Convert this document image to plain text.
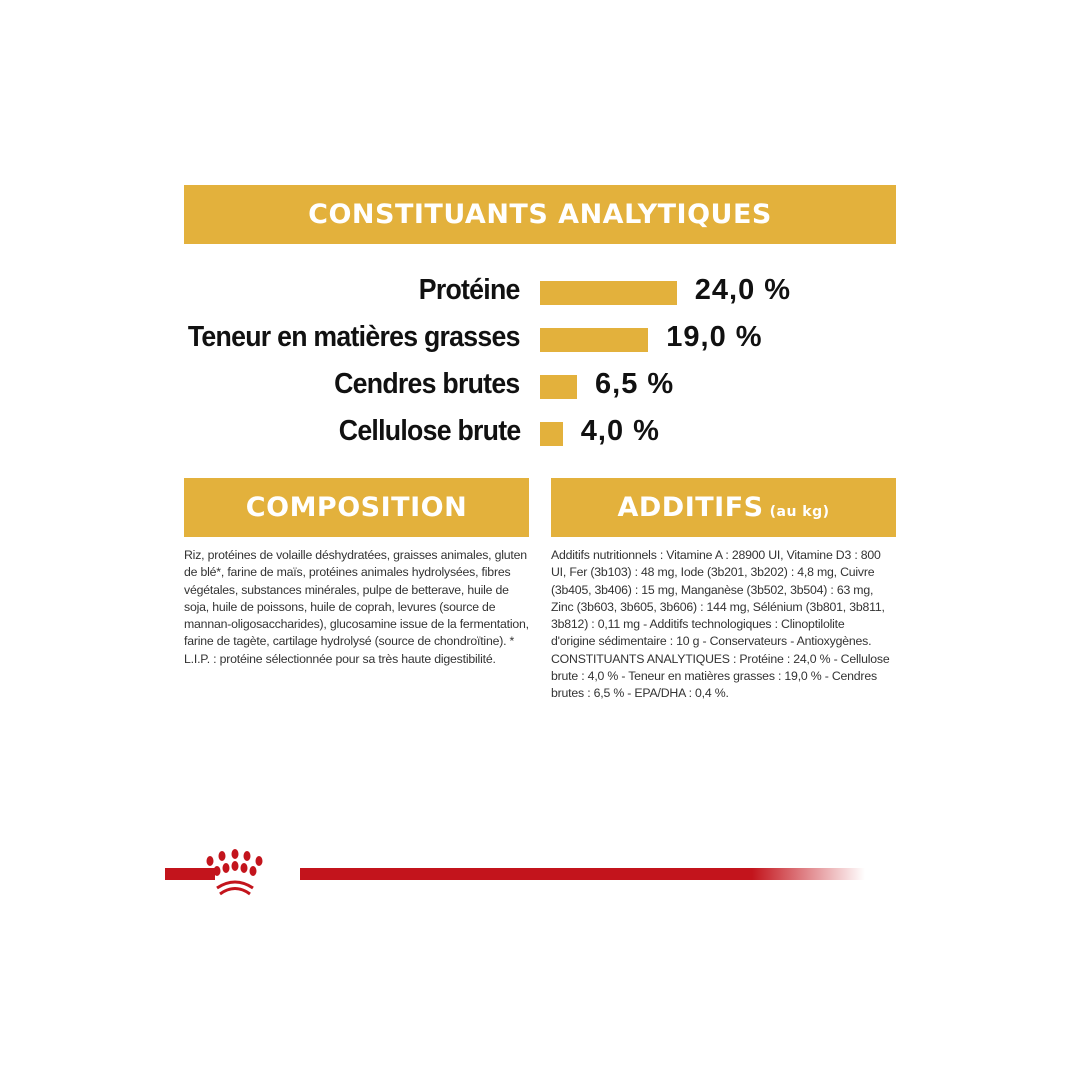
CONSTITUANTS ANALYTIQUES
Protéine	24,0 %
Teneur en matières grasses	19,0 %
Cendres brutes	6,5 %
Cellulose brute 4,0 %
COMPOSITION
Riz, protéines de volaille déshydratées, graisses animales, gluten de blé*, farine de maïs, protéines animales hydrolysées, fibres végétales, substances minérales, pulpe de betterave, huile de soja, huile de poissons, huile de coprah, levures (source de mannan-oligosaccharides), glucosamine issue de la fermentation, farine de tagète, cartilage hydrolysé (source de chondroïtine). * L.I.P. : protéine sélectionnée pour sa très haute digestibilité.
ADDITIFS (au kg)
Additifs nutritionnels : Vitamine A : 28900 UI, Vitamine D3 : 800 UI, Fer (3b103) : 48 mg, Iode (3b201, 3b202) : 4,8 mg, Cuivre (3b405, 3b406) : 15 mg, Manganèse (3b502, 3b504) : 63 mg, Zinc (3b603, 3b605, 3b606) : 144 mg, Sélénium (3b801, 3b811, 3b812) : 0,11 mg - Additifs technologiques : Clinoptilolite d'origine sédimentaire : 10 g - Conservateurs - Antioxygènes. CONSTITUANTS ANALYTIQUES : Protéine : 24,0 % - Cellulose brute : 4,0 % - Teneur en matières grasses : 19,0 % - Cendres brutes : 6,5 % - EPA/DHA : 0,4 %.
